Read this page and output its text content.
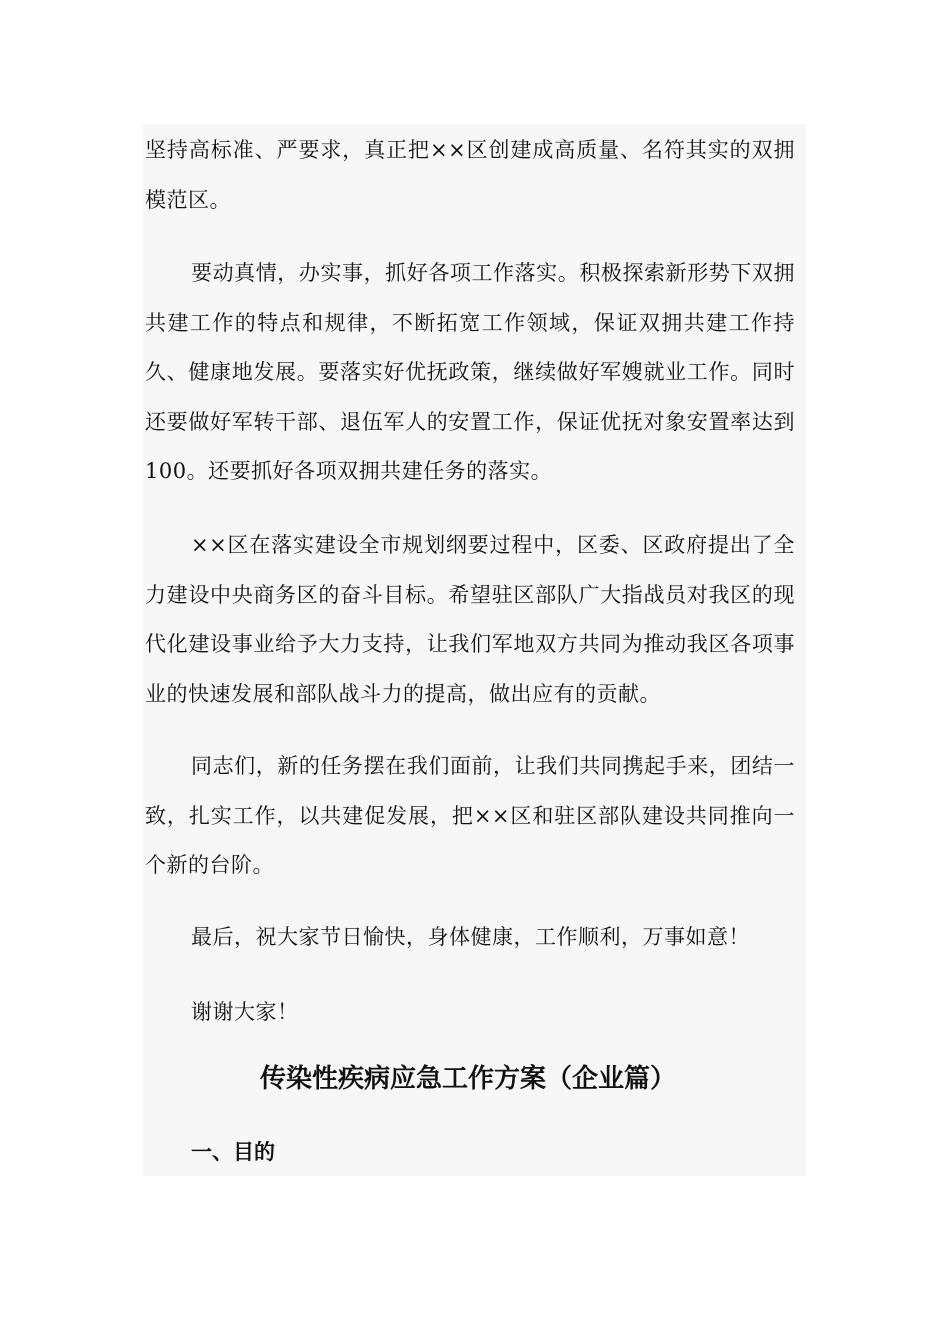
坚持高标准、严要求，真正把××区创建成高质量、名符其实的双拥模范区。

要动真情，办实事，抓好各项工作落实。积极探索新形势下双拥共建工作的特点和规律，不断拓宽工作领域，保证双拥共建工作持久、健康地发展。要落实好优抚政策，继续做好军嫂就业工作。同时还要做好军转干部、退伍军人的安置工作，保证优抚对象安置率达到100。还要抓好各项双拥共建任务的落实。

××区在落实建设全市规划纲要过程中，区委、区政府提出了全力建设中央商务区的奋斗目标。希望驻区部队广大指战员对我区的现代化建设事业给予大力支持，让我们军地双方共同为推动我区各项事业的快速发展和部队战斗力的提高，做出应有的贡献。

同志们，新的任务摆在我们面前，让我们共同携起手来，团结一致，扎实工作，以共建促发展，把××区和驻区部队建设共同推向一个新的台阶。

最后，祝大家节日愉快，身体健康，工作顺利，万事如意！

谢谢大家！

传染性疾病应急工作方案（企业篇）
一、目的
